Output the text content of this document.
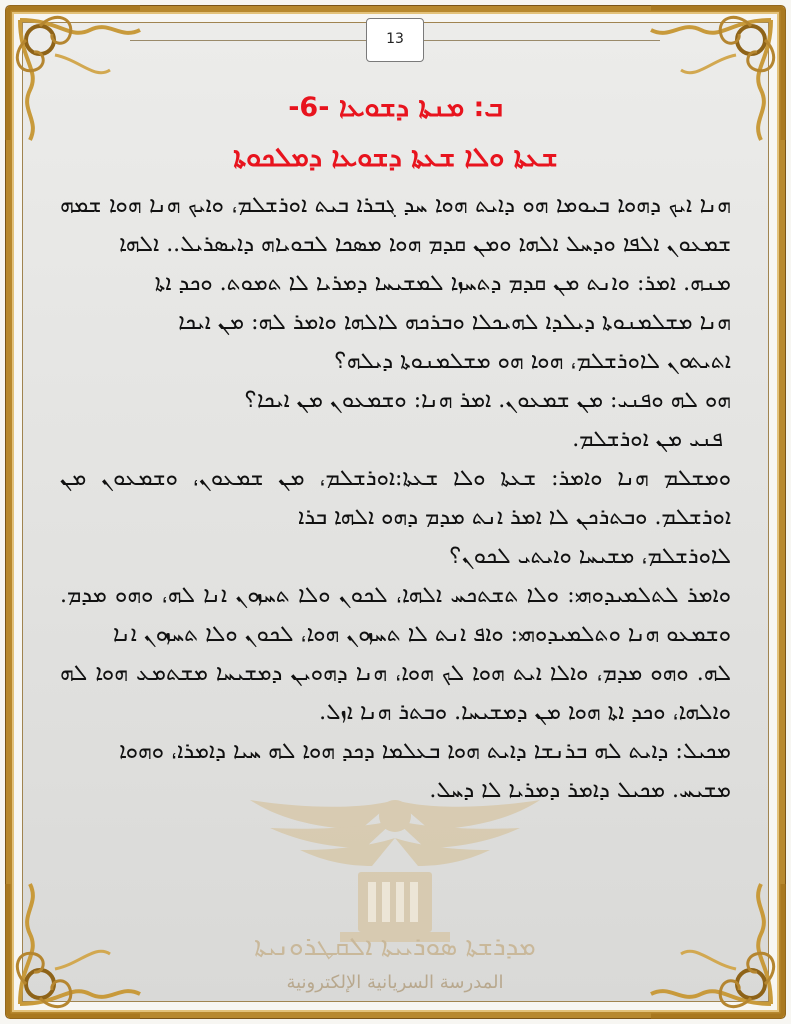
13
ܡܕܪܫܬܐ ܣܘܪܝܝܬܐ ܐܠܩܛܪܘܢܝܬܐ
المدرسة السريانية الإلكترونية
ܒ: ܡܢܬܐ ܕܫܘܥܐ -6-
ܫܥܬܐ ܘܠܐ ܫܥܬܐ ܕܫܘܥܐ ܕܡܠܟܘܬܐ

ܗܢܐ ܐܝܟ ܕܗܘܐ ܒܝܘܡܐ ܗܘ ܕܐܝܬ ܗܘܐ ܚܕ ܓܒܪܐ ܒܝܬ ܐܘܪܫܠܡ، ܘܐܝܟ ܗܢܐ ܗܘܐ ܫܡܗ ܫܡܥܘܢ ܐܠܦܐ ܘܕܚܠ ܐܠܗܐ ܘܡܢ ܩܕܡ ܗܘܐ ܡܣܟܐ ܠܒܘܝܐܗ ܕܐܝܣܪܝܠ.. ܐܠܗܐ

ܡܢܗ. ܐܡܪ: ܘܐܢܬ ܡܢ ܩܕܡ ܕܬܚܙܐ ܠܡܫܝܚܐ ܕܡܪܝܐ ܠܐ ܬܡܘܬ. ܘܟܕ ܐܬܐ

ܗܢܐ ܡܫܠܡܢܘܬܐ ܕܝܠܕܐ ܠܗܝܟܠܐ ܘܒܪܟܗ ܠܐܠܗܐ ܘܐܡܪ ܠܗ: ܡܢ ܐܝܟܐ

ܐܬܝܬܘܢ ܠܐܘܪܫܠܡ، ܗܘܐ ܗܘ ܡܫܠܡܢܘܬܐ ܕܝܠܗ؟

ܗܘ ܠܗ ܘܦܢܝ: ܡܢ ܫܡܥܘܢ. ܐܡܪ ܗܢܐ: ܘܫܡܥܘܢ ܡܢ ܐܝܟܐ؟

ܦܢܝ ܡܢ ܐܘܪܫܠܡ.

ܘܡܫܠܡ ܗܢܐ ܘܐܡܪ: ܫܥܬܐ ܘܠܐ ܫܥܬܐ:ܐܘܪܫܠܡ، ܡܢ ܫܡܥܘܢ، ܘܫܡܥܘܢ ܡܢ ܐܘܪܫܠܡ. ܘܒܬܪܟܢ ܠܐ ܐܡܪ ܐܢܬ ܡܕܡ ܕܗܘ ܐܠܗܐ ܒܪܐ

ܠܐܘܪܫܠܡ، ܡܫܝܚܐ ܘܐܝܬܝ ܠܟܘܢ؟

ܘܐܡܪ ܠܬܠܡܝܕܘܗܝ: ܘܠܐ ܬܫܬܟܚ ܐܠܗܐ، ܠܟܘܢ ܘܠܐ ܬܚܙܘܢ ܐܢܐ ܠܗ، ܘܗܘ ܡܕܡ. ܘܫܡܥܘ ܗܢܐ ܘܬܠܡܝܕܘܗܝ: ܘܐܦ ܐܢܬ ܠܐ ܬܚܙܘܢ ܗܘܐ، ܠܟܘܢ ܘܠܐ ܬܚܙܘܢ ܐܢܐ

ܠܗ. ܘܗܘ ܡܕܡ، ܘܐܠܐ ܐܝܬ ܗܘܐ ܠܟ ܗܘܐ، ܗܢܐ ܕܗܘܝܢ ܕܡܫܝܚܐ ܡܫܬܡܥ ܗܘܐ ܠܗ ܘܐܠܗܐ، ܘܟܕ ܐܬܐ ܗܘܐ ܡܢ ܕܡܫܝܚܐ. ܘܒܬܪ ܗܢܐ ܐܙܠ.

ܡܟܝܠ: ܕܐܝܬ ܠܗ ܒܪܢܫܐ ܕܐܝܬ ܗܘܐ ܒܥܠܡܐ ܕܟܕ ܗܘܐ ܠܗ ܚܝܐ ܕܐܡܪܐ، ܘܗܘܐ

ܡܫܝܚ. ܡܟܝܠ ܕܐܡܪ ܕܡܪܝܐ ܠܐ ܕܚܠ.
